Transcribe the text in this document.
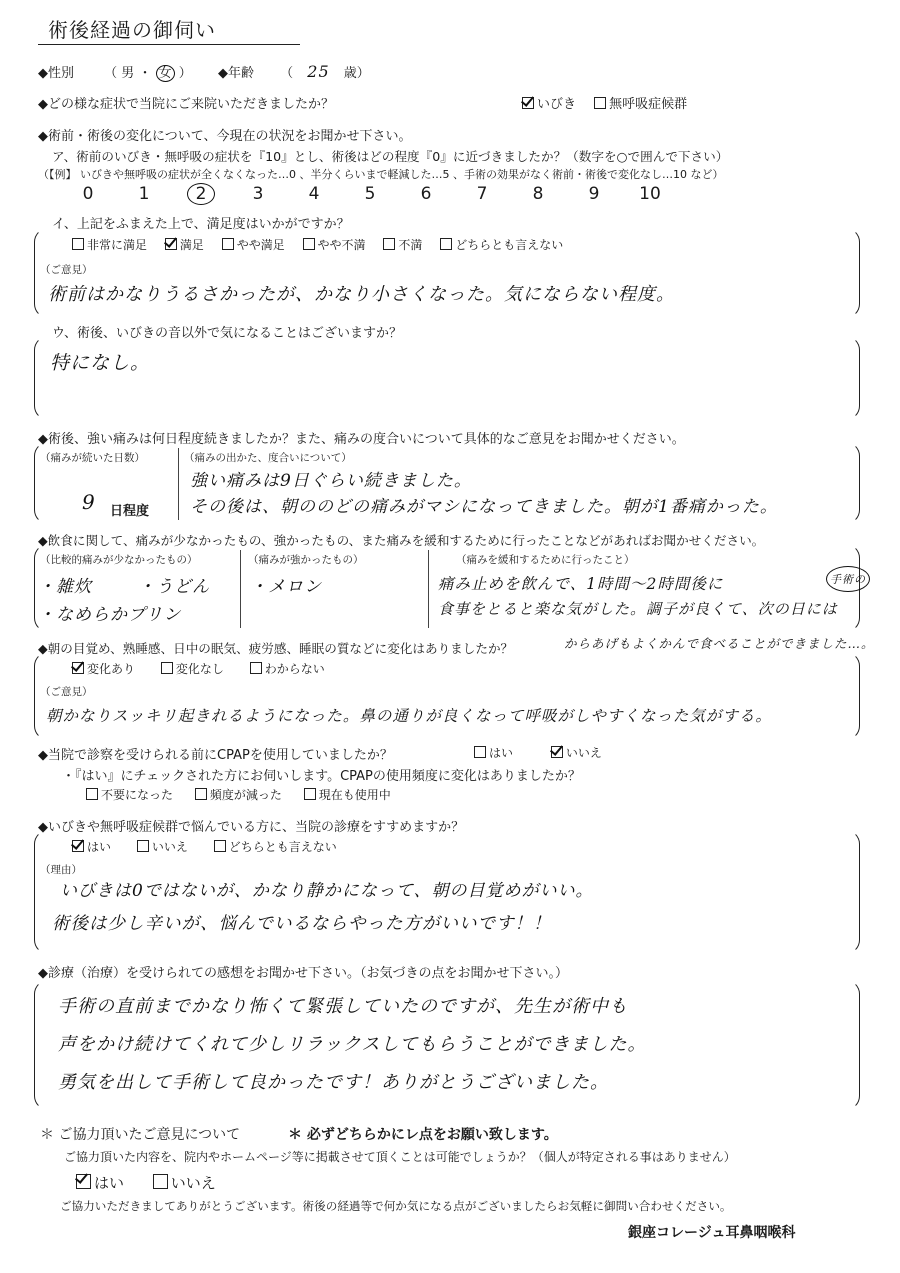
術後経過の御伺い
◆性別 （ 男 ・ 女 ） ◆年齢 （ 25 歳）
◆どの様な症状で当院にご来院いただきましたか？	いびき	無呼吸症候群
◆術前・術後の変化について、今現在の状況をお聞かせ下さい。
ア、術前のいびき・無呼吸の症状を『10』とし、術後はどの程度『0』に近づきましたか？（数字を○で囲んで下さい）
（【例】 いびきや無呼吸の症状が全くなくなった…0 、半分くらいまで軽減した…5 、手術の効果がなく術前・術後で変化なし…10 など）
0	1	2	3	4	5	6	7	8	9 10
イ、上記をふまえた上で、満足度はいかがですか？
非常に満足	満足	やや満足	やや不満	不満	どちらとも言えない
（ご意見）
術前はかなりうるさかったが、かなり小さくなった。気にならない程度。
ウ、術後、いびきの音以外で気になることはございますか？
特になし。
◆術後、強い痛みは何日程度続きましたか？また、痛みの度合いについて具体的なご意見をお聞かせください。
（痛みが続いた日数）
9 日程度
（痛みの出かた、度合いについて）
強い痛みは9日ぐらい続きました。
その後は、朝ののどの痛みがマシになってきました。朝が1番痛かった。
◆飲食に関して、痛みが少なかったもの、強かったもの、また痛みを緩和するために行ったことなどがあればお聞かせください。
（比較的痛みが少なかったもの）
・雑炊	・うどん
・なめらかプリン
（痛みが強かったもの）
・メロン
（痛みを緩和するために行ったこと）
痛み止めを飲んで、1時間〜2時間後に	手術の
食事をとると楽な気がした。調子が良くて、次の日には
からあげもよくかんで食べることができました…。
◆朝の目覚め、熟睡感、日中の眠気、疲労感、睡眠の質などに変化はありましたか？
変化あり	変化なし	わからない
（ご意見）
朝かなりスッキリ起きれるようになった。鼻の通りが良くなって呼吸がしやすくなった気がする。
◆当院で診察を受けられる前にCPAPを使用していましたか？	はい	いいえ
・『はい』にチェックされた方にお伺いします。CPAPの使用頻度に変化はありましたか？
不要になった	頻度が減った	現在も使用中
◆いびきや無呼吸症候群で悩んでいる方に、当院の診療をすすめますか？
はい	いいえ	どちらとも言えない
（理由）
いびきは0ではないが、かなり静かになって、朝の目覚めがいい。
術後は少し辛いが、悩んでいるならやった方がいいです！！
◆診療（治療）を受けられての感想をお聞かせ下さい。（お気づきの点をお聞かせ下さい。）
手術の直前までかなり怖くて緊張していたのですが、先生が術中も
声をかけ続けてくれて少しリラックスしてもらうことができました。
勇気を出して手術して良かったです！ありがとうございました。
＊ ご協力頂いたご意見について	＊ 必ずどちらかにレ点をお願い致します。
ご協力頂いた内容を、院内やホームページ等に掲載させて頂くことは可能でしょうか？（個人が特定される事はありません）
はい	いいえ
ご協力いただきましてありがとうございます。術後の経過等で何か気になる点がございましたらお気軽に御問い合わせください。
銀座コレージュ耳鼻咽喉科
